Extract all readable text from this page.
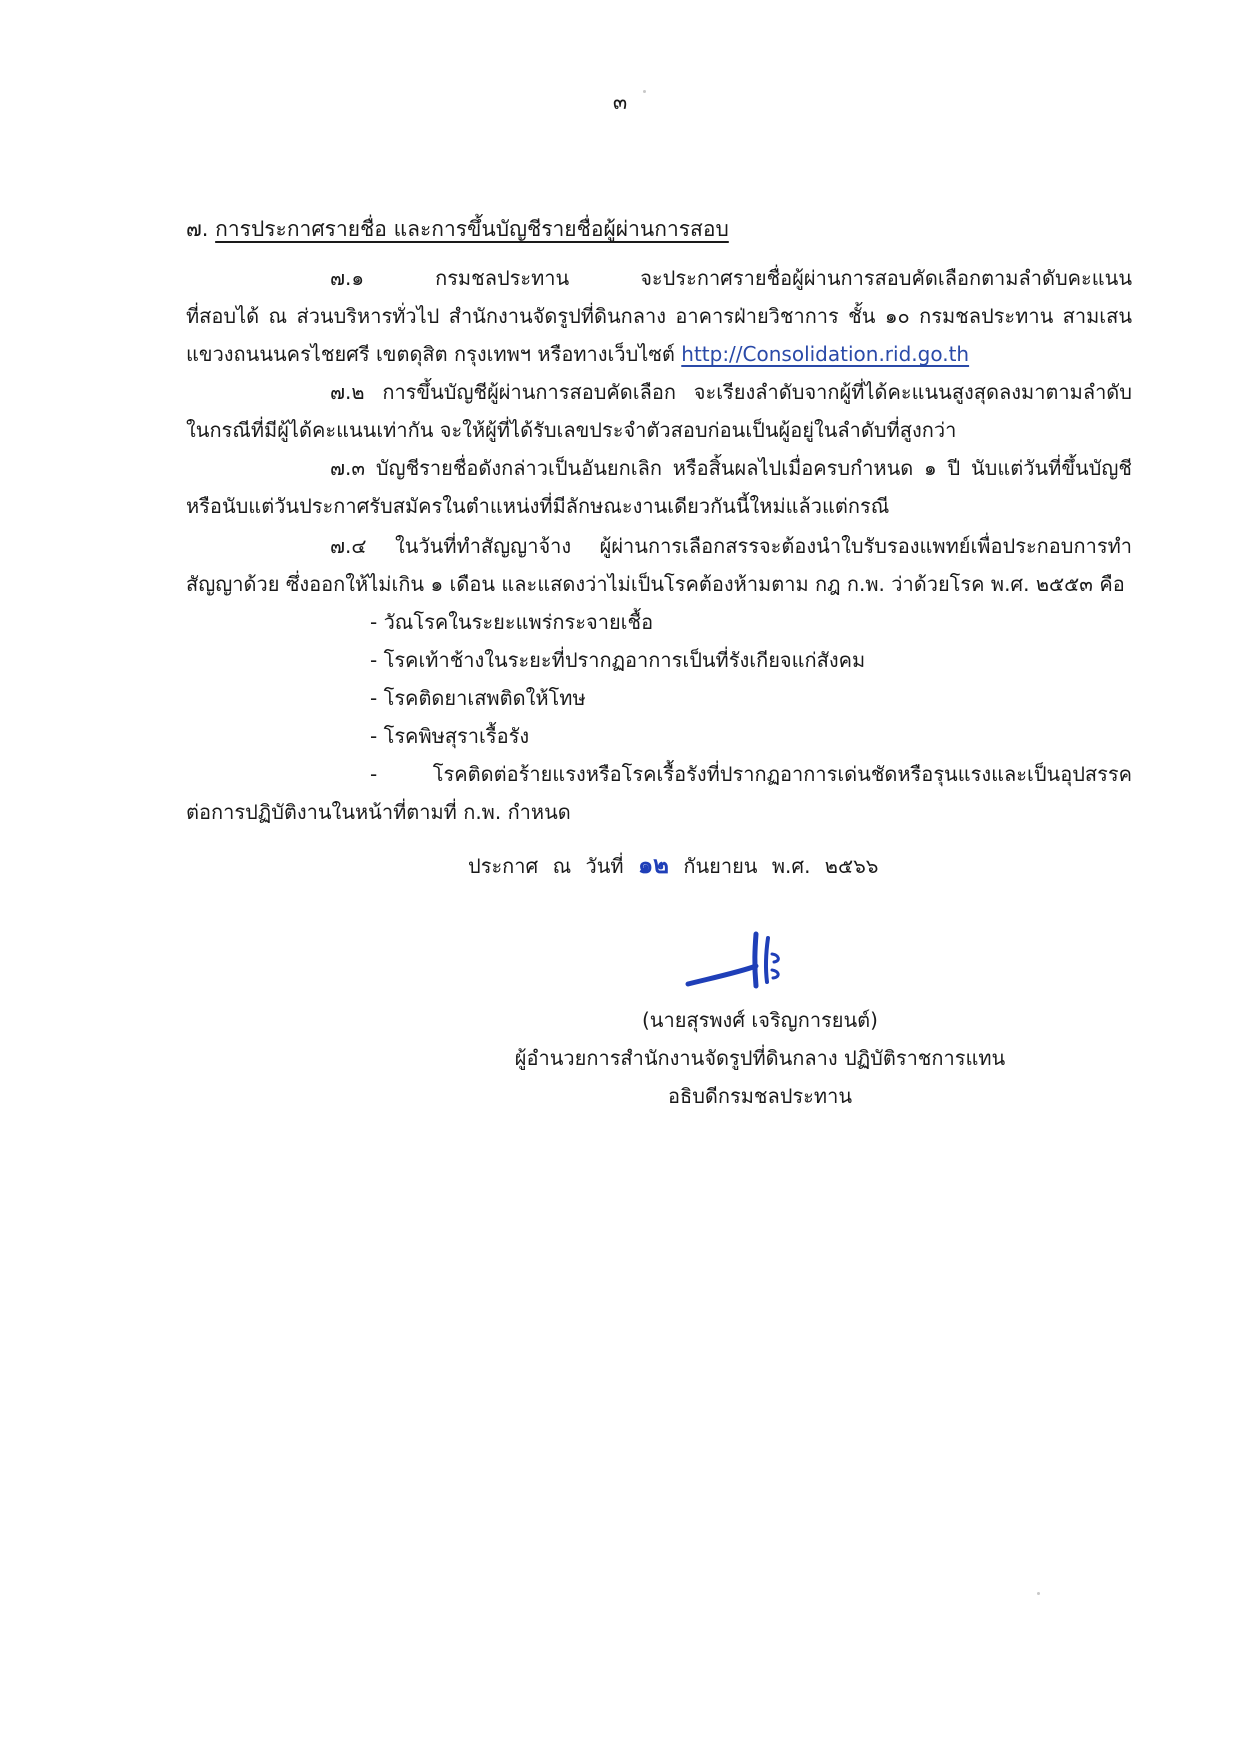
๓
๗. การประกาศรายชื่อ และการขึ้นบัญชีรายชื่อผู้ผ่านการสอบ
๗.๑ กรมชลประทาน จะประกาศรายชื่อผู้ผ่านการสอบคัดเลือกตามลำดับคะแนน
ที่สอบได้ ณ ส่วนบริหารทั่วไป สำนักงานจัดรูปที่ดินกลาง อาคารฝ่ายวิชาการ ชั้น ๑๐ กรมชลประทาน สามเสน
แขวงถนนนครไชยศรี เขตดุสิต กรุงเทพฯ หรือทางเว็บไซต์ http://Consolidation.rid.go.th
๗.๒ การขึ้นบัญชีผู้ผ่านการสอบคัดเลือก จะเรียงลำดับจากผู้ที่ได้คะแนนสูงสุดลงมาตามลำดับ
ในกรณีที่มีผู้ได้คะแนนเท่ากัน จะให้ผู้ที่ได้รับเลขประจำตัวสอบก่อนเป็นผู้อยู่ในลำดับที่สูงกว่า
๗.๓ บัญชีรายชื่อดังกล่าวเป็นอันยกเลิก หรือสิ้นผลไปเมื่อครบกำหนด ๑ ปี นับแต่วันที่ขึ้นบัญชี
หรือนับแต่วันประกาศรับสมัครในตำแหน่งที่มีลักษณะงานเดียวกันนี้ใหม่แล้วแต่กรณี
๗.๔ ในวันที่ทำสัญญาจ้าง ผู้ผ่านการเลือกสรรจะต้องนำใบรับรองแพทย์เพื่อประกอบการทำ
สัญญาด้วย ซึ่งออกให้ไม่เกิน ๑ เดือน และแสดงว่าไม่เป็นโรคต้องห้ามตาม กฎ ก.พ. ว่าด้วยโรค พ.ศ. ๒๕๕๓ คือ
- วัณโรคในระยะแพร่กระจายเชื้อ
- โรคเท้าช้างในระยะที่ปรากฏอาการเป็นที่รังเกียจแก่สังคม
- โรคติดยาเสพติดให้โทษ
- โรคพิษสุราเรื้อรัง
- โรคติดต่อร้ายแรงหรือโรคเรื้อรังที่ปรากฏอาการเด่นชัดหรือรุนแรงและเป็นอุปสรรค
ต่อการปฏิบัติงานในหน้าที่ตามที่ ก.พ. กำหนด
ประกาศ ณ วันที่ ๑๒ กันยายน พ.ศ. ๒๕๖๖
(นายสุรพงศ์ เจริญการยนต์)
ผู้อำนวยการสำนักงานจัดรูปที่ดินกลาง ปฏิบัติราชการแทน
อธิบดีกรมชลประทาน
